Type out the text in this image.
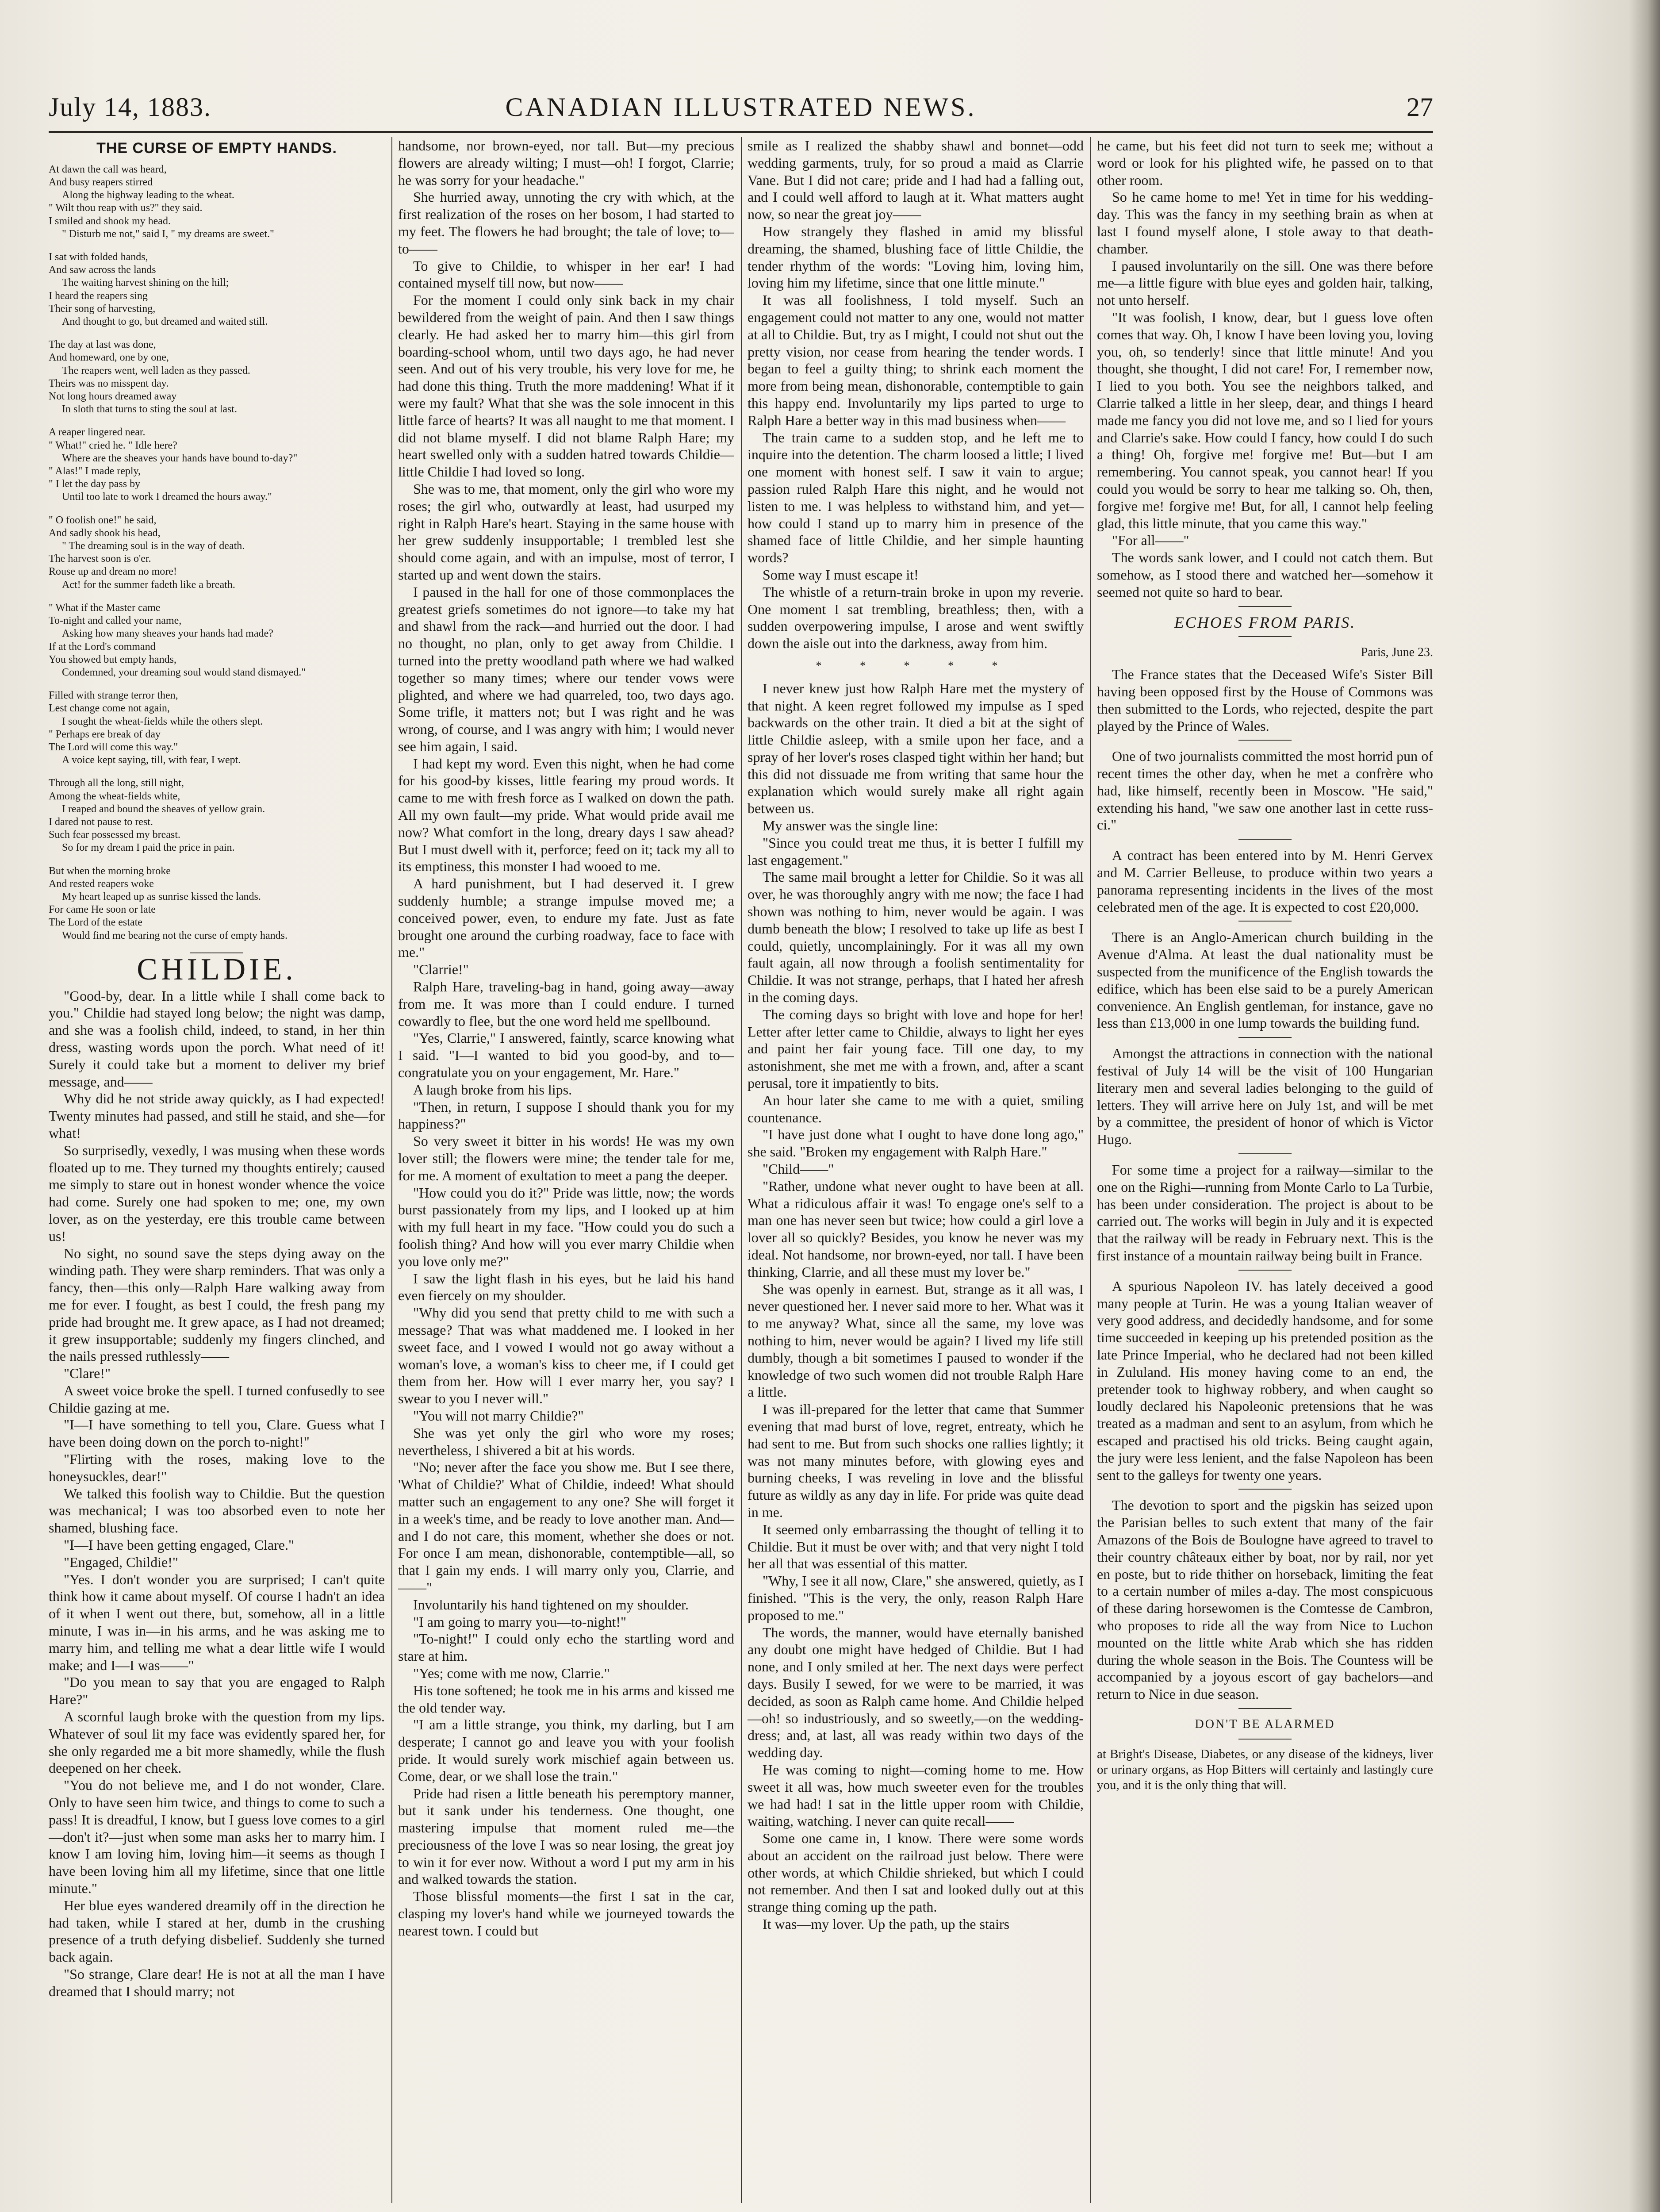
July 14, 1883.	CANADIAN ILLUSTRATED NEWS.	27
THE CURSE OF EMPTY HANDS.
At dawn the call was heard,
And busy reapers stirred
Along the highway leading to the wheat.
" Wilt thou reap with us?" they said.
I smiled and shook my head.
" Disturb me not," said I, " my dreams are sweet."
I sat with folded hands,
And saw across the lands
The waiting harvest shining on the hill;
I heard the reapers sing
Their song of harvesting,
And thought to go, but dreamed and waited still.
The day at last was done,
And homeward, one by one,
The reapers went, well laden as they passed.
Theirs was no misspent day.
Not long hours dreamed away
In sloth that turns to sting the soul at last.
A reaper lingered near.
" What!" cried he. " Idle here?
Where are the sheaves your hands have bound to-day?"
" Alas!" I made reply,
" I let the day pass by
Until too late to work I dreamed the hours away."
" O foolish one!" he said,
And sadly shook his head,
" The dreaming soul is in the way of death.
The harvest soon is o'er.
Rouse up and dream no more!
Act! for the summer fadeth like a breath.
" What if the Master came
To-night and called your name,
Asking how many sheaves your hands had made?
If at the Lord's command
You showed but empty hands,
Condemned, your dreaming soul would stand dismayed."
Filled with strange terror then,
Lest change come not again,
I sought the wheat-fields while the others slept.
" Perhaps ere break of day
The Lord will come this way."
A voice kept saying, till, with fear, I wept.
Through all the long, still night,
Among the wheat-fields white,
I reaped and bound the sheaves of yellow grain.
I dared not pause to rest.
Such fear possessed my breast.
So for my dream I paid the price in pain.
But when the morning broke
And rested reapers woke
My heart leaped up as sunrise kissed the lands.
For came He soon or late
The Lord of the estate
Would find me bearing not the curse of empty hands.
CHILDIE.

"Good-by, dear. In a little while I shall come back to you." Childie had stayed long below; the night was damp, and she was a foolish child, indeed, to stand, in her thin dress, wasting words upon the porch. What need of it! Surely it could take but a moment to deliver my brief message, and——

Why did he not stride away quickly, as I had expected! Twenty minutes had passed, and still he staid, and she—for what!

So surprisedly, vexedly, I was musing when these words floated up to me. They turned my thoughts entirely; caused me simply to stare out in honest wonder whence the voice had come. Surely one had spoken to me; one, my own lover, as on the yesterday, ere this trouble came between us!

No sight, no sound save the steps dying away on the winding path. They were sharp reminders. That was only a fancy, then—this only—Ralph Hare walking away from me for ever. I fought, as best I could, the fresh pang my pride had brought me. It grew apace, as I had not dreamed; it grew insupportable; suddenly my fingers clinched, and the nails pressed ruthlessly——

"Clare!"

A sweet voice broke the spell. I turned confusedly to see Childie gazing at me.

"I—I have something to tell you, Clare. Guess what I have been doing down on the porch to-night!"

"Flirting with the roses, making love to the honeysuckles, dear!"

We talked this foolish way to Childie. But the question was mechanical; I was too absorbed even to note her shamed, blushing face.

"I—I have been getting engaged, Clare."

"Engaged, Childie!"

"Yes. I don't wonder you are surprised; I can't quite think how it came about myself. Of course I hadn't an idea of it when I went out there, but, somehow, all in a little minute, I was in—in his arms, and he was asking me to marry him, and telling me what a dear little wife I would make; and I—I was——"

"Do you mean to say that you are engaged to Ralph Hare?"

A scornful laugh broke with the question from my lips. Whatever of soul lit my face was evidently spared her, for she only regarded me a bit more shamedly, while the flush deepened on her cheek.

"You do not believe me, and I do not wonder, Clare. Only to have seen him twice, and things to come to such a pass! It is dreadful, I know, but I guess love comes to a girl—don't it?—just when some man asks her to marry him. I know I am loving him, loving him—it seems as though I have been loving him all my lifetime, since that one little minute."

Her blue eyes wandered dreamily off in the direction he had taken, while I stared at her, dumb in the crushing presence of a truth defying disbelief. Suddenly she turned back again.

"So strange, Clare dear! He is not at all the man I have dreamed that I should marry; not

handsome, nor brown-eyed, nor tall. But—my precious flowers are already wilting; I must—oh! I forgot, Clarrie; he was sorry for your headache."

She hurried away, unnoting the cry with which, at the first realization of the roses on her bosom, I had started to my feet. The flowers he had brought; the tale of love; to—to——

To give to Childie, to whisper in her ear! I had contained myself till now, but now——

For the moment I could only sink back in my chair bewildered from the weight of pain. And then I saw things clearly. He had asked her to marry him—this girl from boarding-school whom, until two days ago, he had never seen. And out of his very trouble, his very love for me, he had done this thing. Truth the more maddening! What if it were my fault? What that she was the sole innocent in this little farce of hearts? It was all naught to me that moment. I did not blame myself. I did not blame Ralph Hare; my heart swelled only with a sudden hatred towards Childie—little Childie I had loved so long.

She was to me, that moment, only the girl who wore my roses; the girl who, outwardly at least, had usurped my right in Ralph Hare's heart. Staying in the same house with her grew suddenly insupportable; I trembled lest she should come again, and with an impulse, most of terror, I started up and went down the stairs.

I paused in the hall for one of those commonplaces the greatest griefs sometimes do not ignore—to take my hat and shawl from the rack—and hurried out the door. I had no thought, no plan, only to get away from Childie. I turned into the pretty woodland path where we had walked together so many times; where our tender vows were plighted, and where we had quarreled, too, two days ago. Some trifle, it matters not; but I was right and he was wrong, of course, and I was angry with him; I would never see him again, I said.

I had kept my word. Even this night, when he had come for his good-by kisses, little fearing my proud words. It came to me with fresh force as I walked on down the path. All my own fault—my pride. What would pride avail me now? What comfort in the long, dreary days I saw ahead? But I must dwell with it, perforce; feed on it; tack my all to its emptiness, this monster I had wooed to me.

A hard punishment, but I had deserved it. I grew suddenly humble; a strange impulse moved me; a conceived power, even, to endure my fate. Just as fate brought one around the curbing roadway, face to face with me."

"Clarrie!"

Ralph Hare, traveling-bag in hand, going away—away from me. It was more than I could endure. I turned cowardly to flee, but the one word held me spellbound.

"Yes, Clarrie," I answered, faintly, scarce knowing what I said. "I—I wanted to bid you good-by, and to—congratulate you on your engagement, Mr. Hare."

A laugh broke from his lips.

"Then, in return, I suppose I should thank you for my happiness?"

So very sweet it bitter in his words! He was my own lover still; the flowers were mine; the tender tale for me, for me. A moment of exultation to meet a pang the deeper.

"How could you do it?" Pride was little, now; the words burst passionately from my lips, and I looked up at him with my full heart in my face. "How could you do such a foolish thing? And how will you ever marry Childie when you love only me?"

I saw the light flash in his eyes, but he laid his hand even fiercely on my shoulder.

"Why did you send that pretty child to me with such a message? That was what maddened me. I looked in her sweet face, and I vowed I would not go away without a woman's love, a woman's kiss to cheer me, if I could get them from her. How will I ever marry her, you say? I swear to you I never will."

"You will not marry Childie?"

She was yet only the girl who wore my roses; nevertheless, I shivered a bit at his words.

"No; never after the face you show me. But I see there, 'What of Childie?' What of Childie, indeed! What should matter such an engagement to any one? She will forget it in a week's time, and be ready to love another man. And—and I do not care, this moment, whether she does or not. For once I am mean, dishonorable, contemptible—all, so that I gain my ends. I will marry only you, Clarrie, and——"

Involuntarily his hand tightened on my shoulder.

"I am going to marry you—to-night!"

"To-night!" I could only echo the startling word and stare at him.

"Yes; come with me now, Clarrie."

His tone softened; he took me in his arms and kissed me the old tender way.

"I am a little strange, you think, my darling, but I am desperate; I cannot go and leave you with your foolish pride. It would surely work mischief again between us. Come, dear, or we shall lose the train."

Pride had risen a little beneath his peremptory manner, but it sank under his tenderness. One thought, one mastering impulse that moment ruled me—the preciousness of the love I was so near losing, the great joy to win it for ever now. Without a word I put my arm in his and walked towards the station.

Those blissful moments—the first I sat in the car, clasping my lover's hand while we journeyed towards the nearest town. I could but

smile as I realized the shabby shawl and bonnet—odd wedding garments, truly, for so proud a maid as Clarrie Vane. But I did not care; pride and I had had a falling out, and I could well afford to laugh at it. What matters aught now, so near the great joy——

How strangely they flashed in amid my blissful dreaming, the shamed, blushing face of little Childie, the tender rhythm of the words: "Loving him, loving him, loving him my lifetime, since that one little minute."

It was all foolishness, I told myself. Such an engagement could not matter to any one, would not matter at all to Childie. But, try as I might, I could not shut out the pretty vision, nor cease from hearing the tender words. I began to feel a guilty thing; to shrink each moment the more from being mean, dishonorable, contemptible to gain this happy end. Involuntarily my lips parted to urge to Ralph Hare a better way in this mad business when——

The train came to a sudden stop, and he left me to inquire into the detention. The charm loosed a little; I lived one moment with honest self. I saw it vain to argue; passion ruled Ralph Hare this night, and he would not listen to me. I was helpless to withstand him, and yet—how could I stand up to marry him in presence of the shamed face of little Childie, and her simple haunting words?

Some way I must escape it!

The whistle of a return-train broke in upon my reverie. One moment I sat trembling, breathless; then, with a sudden overpowering impulse, I arose and went swiftly down the aisle out into the darkness, away from him.

* * * * *

I never knew just how Ralph Hare met the mystery of that night. A keen regret followed my impulse as I sped backwards on the other train. It died a bit at the sight of little Childie asleep, with a smile upon her face, and a spray of her lover's roses clasped tight within her hand; but this did not dissuade me from writing that same hour the explanation which would surely make all right again between us.

My answer was the single line:

"Since you could treat me thus, it is better I fulfill my last engagement."

The same mail brought a letter for Childie. So it was all over, he was thoroughly angry with me now; the face I had shown was nothing to him, never would be again. I was dumb beneath the blow; I resolved to take up life as best I could, quietly, uncomplainingly. For it was all my own fault again, all now through a foolish sentimentality for Childie. It was not strange, perhaps, that I hated her afresh in the coming days.

The coming days so bright with love and hope for her! Letter after letter came to Childie, always to light her eyes and paint her fair young face. Till one day, to my astonishment, she met me with a frown, and, after a scant perusal, tore it impatiently to bits.

An hour later she came to me with a quiet, smiling countenance.

"I have just done what I ought to have done long ago," she said. "Broken my engagement with Ralph Hare."

"Child——"

"Rather, undone what never ought to have been at all. What a ridiculous affair it was! To engage one's self to a man one has never seen but twice; how could a girl love a lover all so quickly? Besides, you know he never was my ideal. Not handsome, nor brown-eyed, nor tall. I have been thinking, Clarrie, and all these must my lover be."

She was openly in earnest. But, strange as it all was, I never questioned her. I never said more to her. What was it to me anyway? What, since all the same, my love was nothing to him, never would be again? I lived my life still dumbly, though a bit sometimes I paused to wonder if the knowledge of two such women did not trouble Ralph Hare a little.

I was ill-prepared for the letter that came that Summer evening that mad burst of love, regret, entreaty, which he had sent to me. But from such shocks one rallies lightly; it was not many minutes before, with glowing eyes and burning cheeks, I was reveling in love and the blissful future as wildly as any day in life. For pride was quite dead in me.

It seemed only embarrassing the thought of telling it to Childie. But it must be over with; and that very night I told her all that was essential of this matter.

"Why, I see it all now, Clare," she answered, quietly, as I finished. "This is the very, the only, reason Ralph Hare proposed to me."

The words, the manner, would have eternally banished any doubt one might have hedged of Childie. But I had none, and I only smiled at her. The next days were perfect days. Busily I sewed, for we were to be married, it was decided, as soon as Ralph came home. And Childie helped—oh! so industriously, and so sweetly,—on the wedding-dress; and, at last, all was ready within two days of the wedding day.

He was coming to night—coming home to me. How sweet it all was, how much sweeter even for the troubles we had had! I sat in the little upper room with Childie, waiting, watching. I never can quite recall——

Some one came in, I know. There were some words about an accident on the railroad just below. There were other words, at which Childie shrieked, but which I could not remember. And then I sat and looked dully out at this strange thing coming up the path.

It was—my lover. Up the path, up the stairs

he came, but his feet did not turn to seek me; without a word or look for his plighted wife, he passed on to that other room.

So he came home to me! Yet in time for his wedding-day. This was the fancy in my seething brain as when at last I found myself alone, I stole away to that death-chamber.

I paused involuntarily on the sill. One was there before me—a little figure with blue eyes and golden hair, talking, not unto herself.

"It was foolish, I know, dear, but I guess love often comes that way. Oh, I know I have been loving you, loving you, oh, so tenderly! since that little minute! And you thought, she thought, I did not care! For, I remember now, I lied to you both. You see the neighbors talked, and Clarrie talked a little in her sleep, dear, and things I heard made me fancy you did not love me, and so I lied for yours and Clarrie's sake. How could I fancy, how could I do such a thing! Oh, forgive me! forgive me! But—but I am remembering. You cannot speak, you cannot hear! If you could you would be sorry to hear me talking so. Oh, then, forgive me! forgive me! But, for all, I cannot help feeling glad, this little minute, that you came this way."

"For all——"

The words sank lower, and I could not catch them. But somehow, as I stood there and watched her—somehow it seemed not quite so hard to bear.

ECHOES FROM PARIS.
Paris, June 23.

The France states that the Deceased Wife's Sister Bill having been opposed first by the House of Commons was then submitted to the Lords, who rejected, despite the part played by the Prince of Wales.

One of two journalists committed the most horrid pun of recent times the other day, when he met a confrère who had, like himself, recently been in Moscow. "He said," extending his hand, "we saw one another last in cette russ-ci."

A contract has been entered into by M. Henri Gervex and M. Carrier Belleuse, to produce within two years a panorama representing incidents in the lives of the most celebrated men of the age. It is expected to cost £20,000.

There is an Anglo-American church building in the Avenue d'Alma. At least the dual nationality must be suspected from the munificence of the English towards the edifice, which has been else said to be a purely American convenience. An English gentleman, for instance, gave no less than £13,000 in one lump towards the building fund.

Amongst the attractions in connection with the national festival of July 14 will be the visit of 100 Hungarian literary men and several ladies belonging to the guild of letters. They will arrive here on July 1st, and will be met by a committee, the president of honor of which is Victor Hugo.

For some time a project for a railway—similar to the one on the Righi—running from Monte Carlo to La Turbie, has been under consideration. The project is about to be carried out. The works will begin in July and it is expected that the railway will be ready in February next. This is the first instance of a mountain railway being built in France.

A spurious Napoleon IV. has lately deceived a good many people at Turin. He was a young Italian weaver of very good address, and decidedly handsome, and for some time succeeded in keeping up his pretended position as the late Prince Imperial, who he declared had not been killed in Zululand. His money having come to an end, the pretender took to highway robbery, and when caught so loudly declared his Napoleonic pretensions that he was treated as a madman and sent to an asylum, from which he escaped and practised his old tricks. Being caught again, the jury were less lenient, and the false Napoleon has been sent to the galleys for twenty one years.

The devotion to sport and the pigskin has seized upon the Parisian belles to such extent that many of the fair Amazons of the Bois de Boulogne have agreed to travel to their country châteaux either by boat, nor by rail, nor yet en poste, but to ride thither on horseback, limiting the feat to a certain number of miles a-day. The most conspicuous of these daring horsewomen is the Comtesse de Cambron, who proposes to ride all the way from Nice to Luchon mounted on the little white Arab which she has ridden during the whole season in the Bois. The Countess will be accompanied by a joyous escort of gay bachelors—and return to Nice in due season.

DON'T BE ALARMED

at Bright's Disease, Diabetes, or any disease of the kidneys, liver or urinary organs, as Hop Bitters will certainly and lastingly cure you, and it is the only thing that will.
